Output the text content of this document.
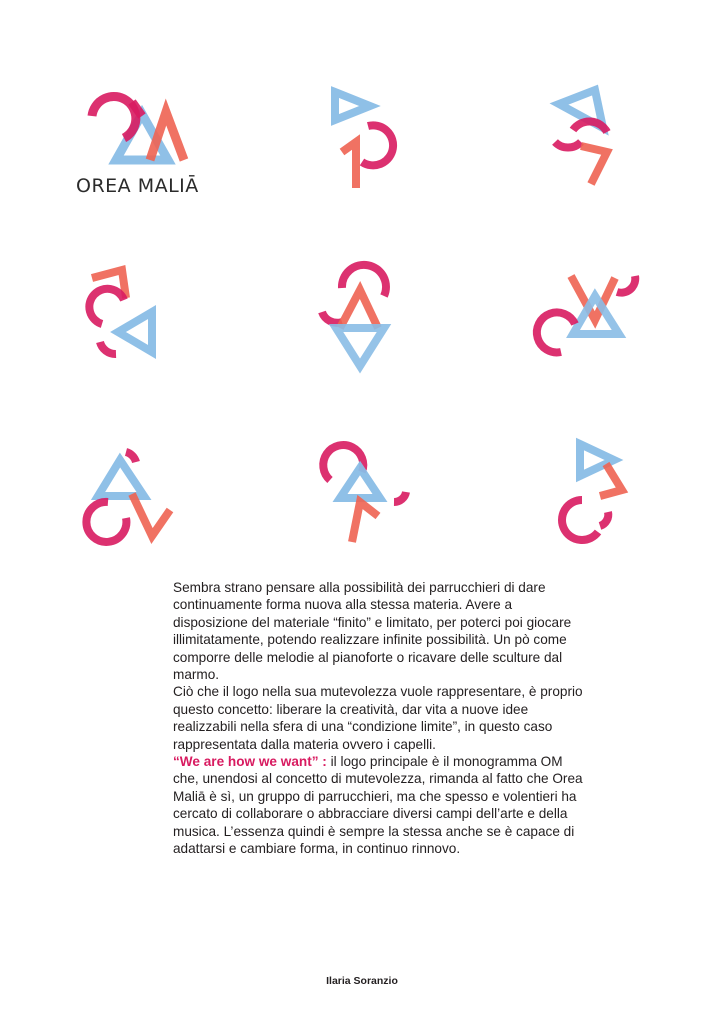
OREA MALIĀ

Sembra strano pensare alla possibilità dei parrucchieri di dare continuamente forma nuova alla stessa materia. Avere a disposizione del materiale “finito” e limitato, per poterci poi giocare illimitatamente, potendo realizzare infinite possibilità. Un pò come comporre delle melodie al pianoforte o ricavare delle sculture dal marmo.

Ciò che il logo nella sua mutevolezza vuole rappresentare, è proprio questo concetto: liberare la creatività, dar vita a nuove idee realizzabili nella sfera di una “condizione limite”, in questo caso rappresentata dalla materia ovvero i capelli.

“We are how we want” : il logo principale è il monogramma OM che, unendosi al concetto di mutevolezza, rimanda al fatto che Orea Maliā è sì, un gruppo di parrucchieri, ma che spesso e volentieri ha cercato di collaborare o abbracciare diversi campi dell’arte e della musica. L’essenza quindi è sempre la stessa anche se è capace di adattarsi e cambiare forma, in continuo rinnovo.

Ilaria Soranzio
